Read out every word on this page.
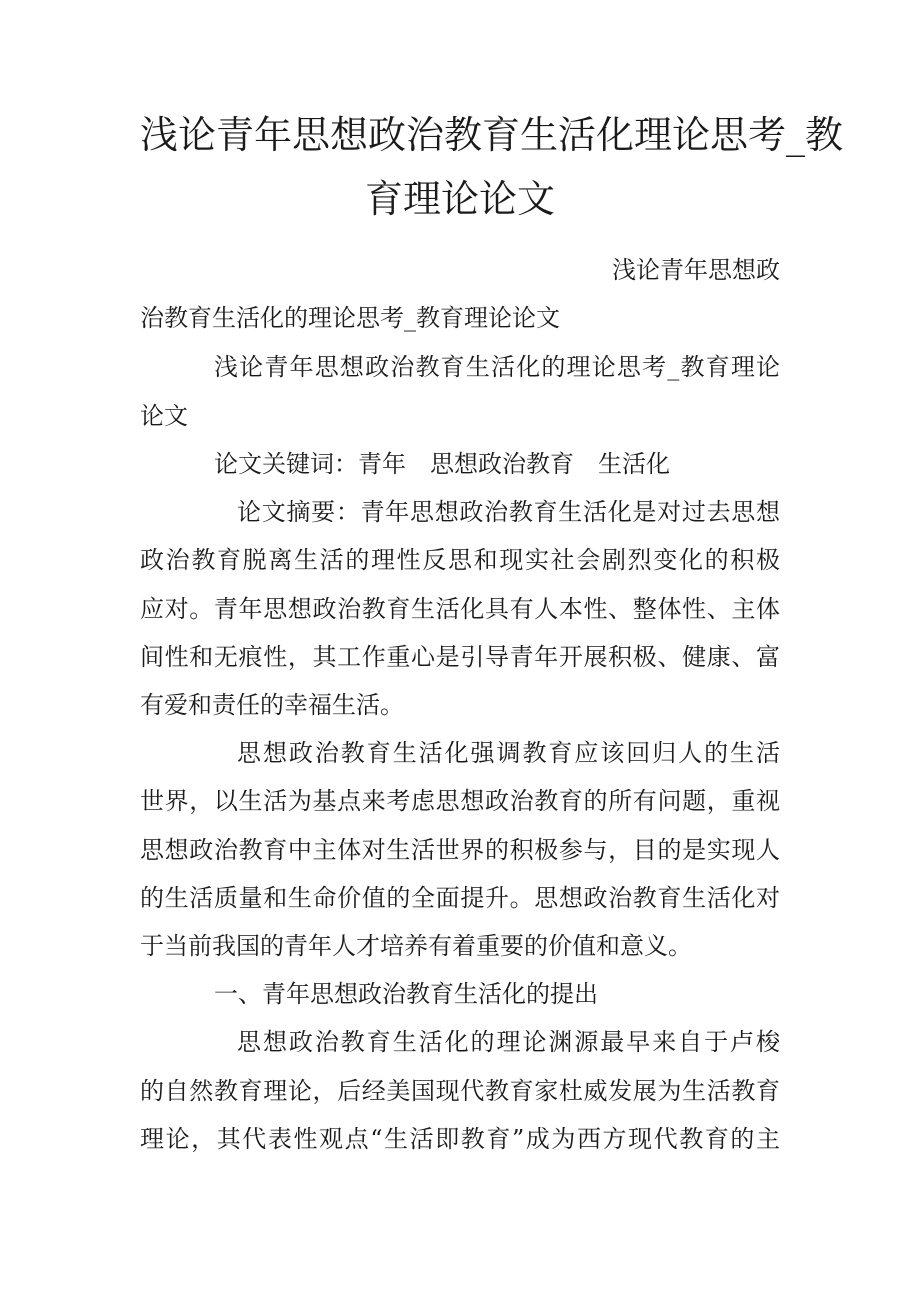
浅论青年思想政治教育生活化理论思考_教
育理论论文
浅论青年思想政
治教育生活化的理论思考_教育理论论文
浅论青年思想政治教育生活化的理论思考_教育理论
论文
论文关键词：青年　思想政治教育　生活化
论文摘要：青年思想政治教育生活化是对过去思想
政治教育脱离生活的理性反思和现实社会剧烈变化的积极
应对。青年思想政治教育生活化具有人本性、整体性、主体
间性和无痕性，其工作重心是引导青年开展积极、健康、富
有爱和责任的幸福生活。
思想政治教育生活化强调教育应该回归人的生活
世界，以生活为基点来考虑思想政治教育的所有问题，重视
思想政治教育中主体对生活世界的积极参与，目的是实现人
的生活质量和生命价值的全面提升。思想政治教育生活化对
于当前我国的青年人才培养有着重要的价值和意义。
一、青年思想政治教育生活化的提出
思想政治教育生活化的理论渊源最早来自于卢梭
的自然教育理论，后经美国现代教育家杜威发展为生活教育
理论，其代表性观点“生活即教育”成为西方现代教育的主
